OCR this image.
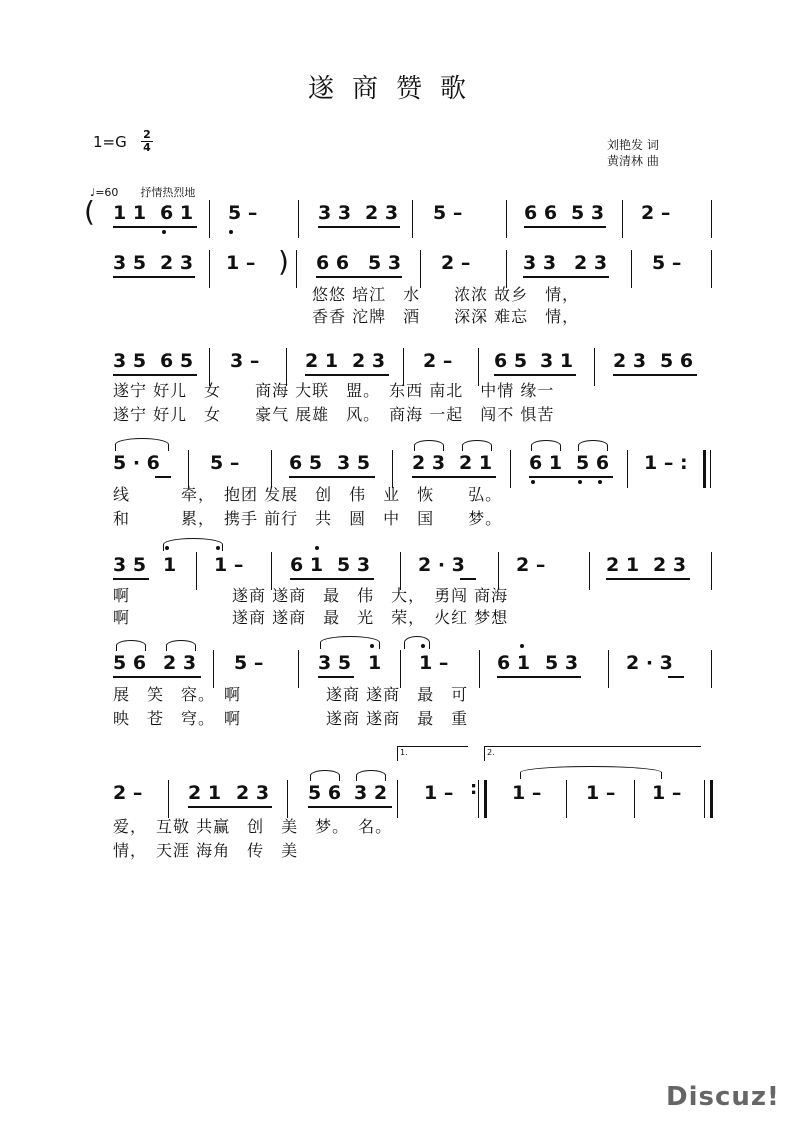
遂商赞歌
1=G 2
4	刘艳发 词
黄清林 曲
♩=60 抒情热烈地
( 1 1 6 1 5 –	3 3 2 3 5 –	6 6 5 3 2 –
3 5 2 3 1 – ) 6 6 5 3 2 –	3 3 2 3 5 –
悠悠 培江　水　　浓浓 故乡　情，
香香 沱牌　酒　　深深 难忘　情，
3 5 6 5 3 – 2 1 2 3 2 – 6 5 3 1 2 3 5 6
遂宁 好儿　女　　商海 大联　盟。　东西 南北　中情 缘一
遂宁 好儿　女　　豪气 展雄　风。　商海 一起　闯不 惧苦
5 · 6	5 –	6 5 3 5 2 3 2 1 6 1 5 6 1 – :
线　　　牵，　抱团 发展　创　伟　业　恢　　弘。
和　　　累，　携手 前行　共　圆　中　国　　梦。
3 5 1 1 – 6 1 5 3	2 · 3	2 –	2 1 2 3
啊　　　　　　遂商 遂商　最　伟　大，　勇闯 商海
啊　　　　　　遂商 遂商　最　光　荣，　火红 梦想
5 6 2 3 5 –	3 5 1 1 –	6 1 5 3	2 · 3
展　笑　容。　啊　　　　　遂商 遂商　最　可
映　苍　穹。　啊　　　　　遂商 遂商　最　重
1.	2.
2 – 2 1 2 3 5 6 3 2 1 – : 1 – 1 – 1 –
爱，　互敬 共赢　创　美　梦。　名。
情，　天涯 海角　传　美
Discuz!
